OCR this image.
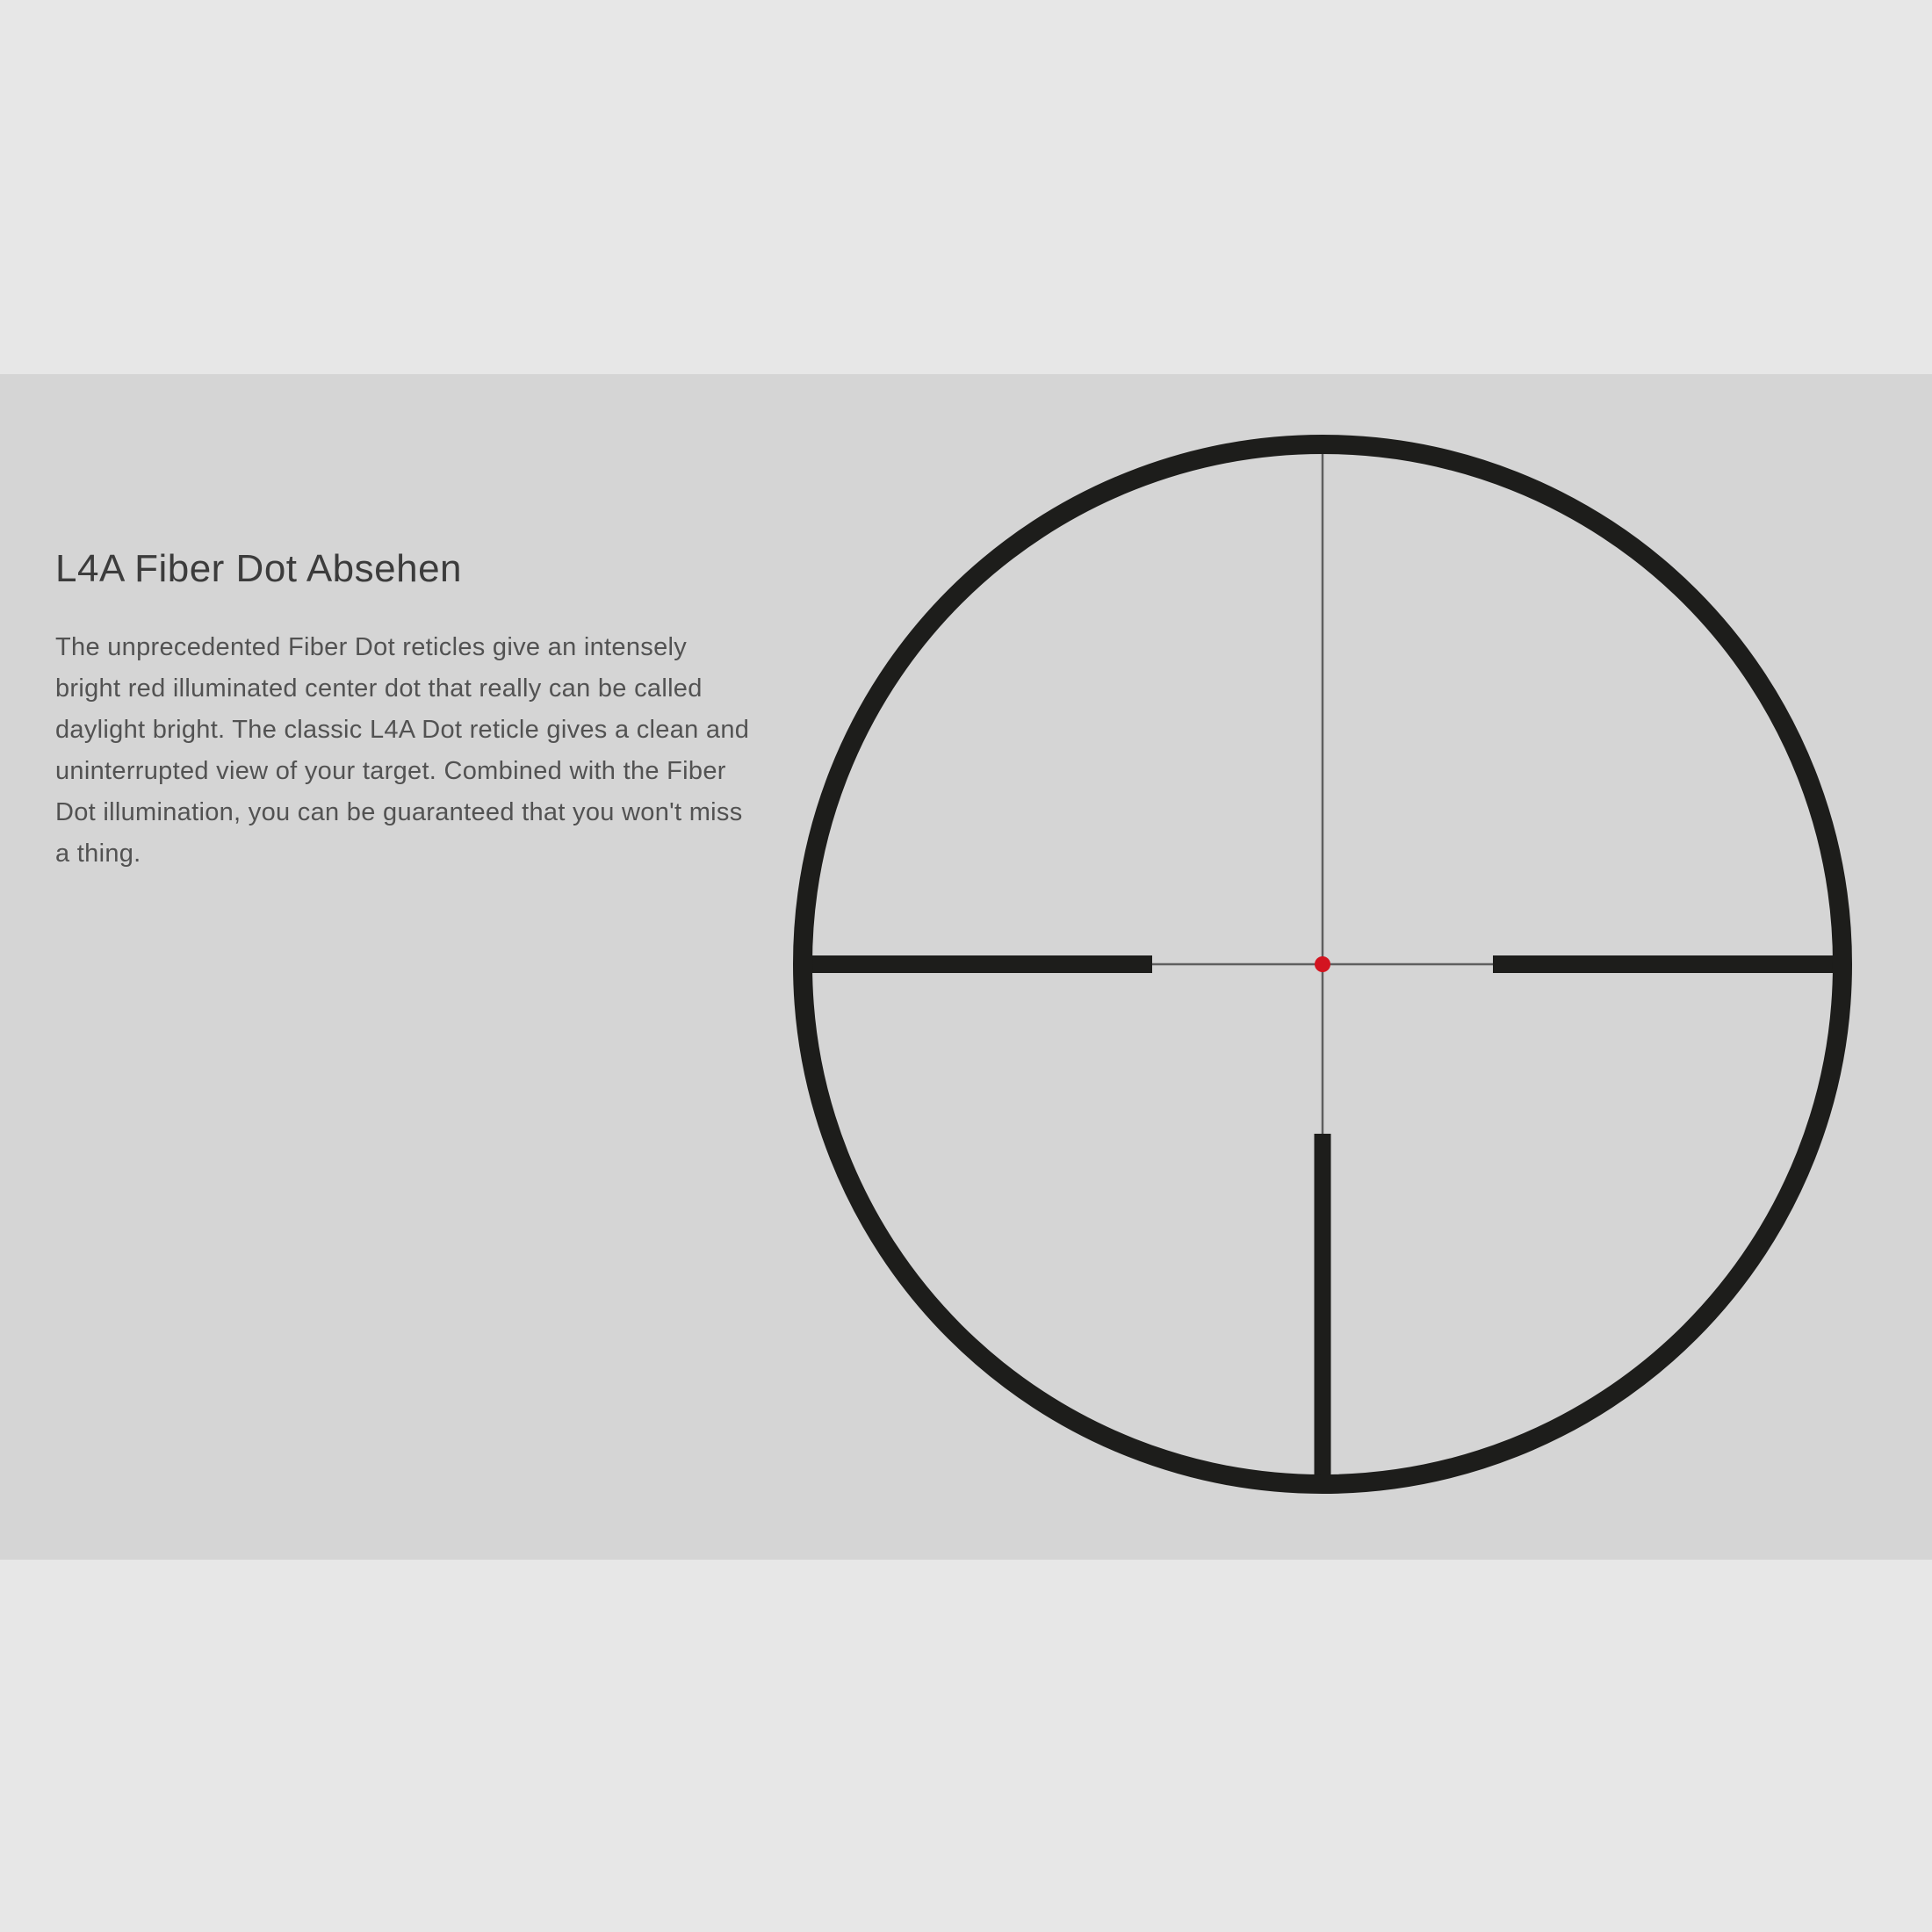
L4A Fiber Dot Absehen
The unprecedented Fiber Dot reticles give an intensely
bright red illuminated center dot that really can be called
daylight bright. The classic L4A Dot reticle gives a clean and
uninterrupted view of your target. Combined with the Fiber
Dot illumination, you can be guaranteed that you won't miss
a thing.
